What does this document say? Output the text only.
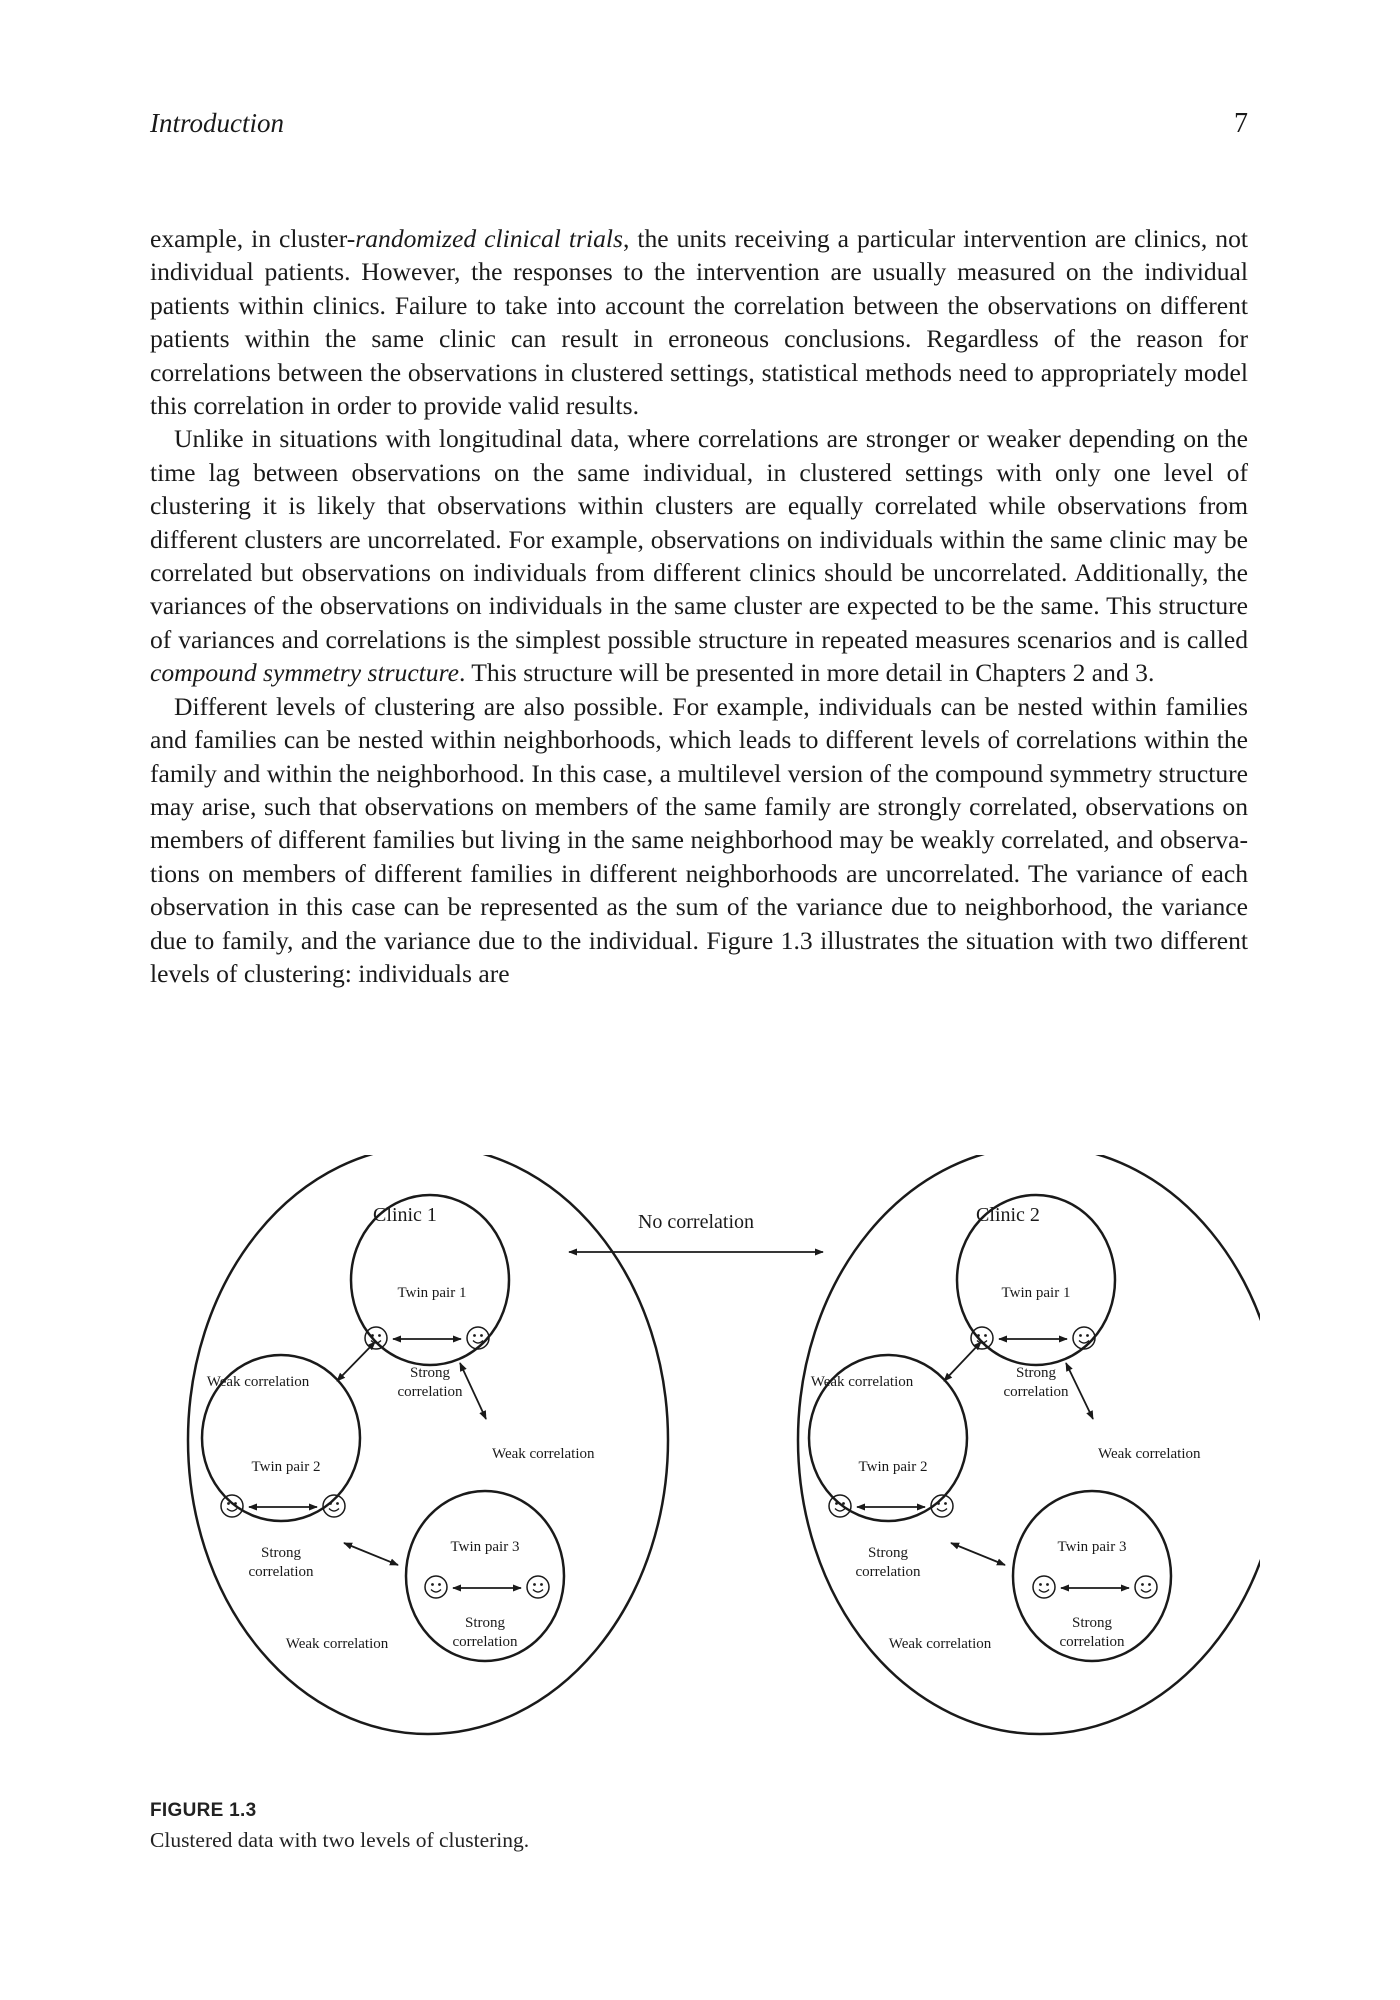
Introduction	7

example, in cluster-randomized clinical trials, the units receiving a particular intervention are clinics, not individual patients. However, the responses to the intervention are usually measured on the individual patients within clinics. Failure to take into account the correlation between the observations on different patients within the same clinic can result in erroneous conclusions. Regardless of the reason for correlations between the observations in clustered settings, statistical methods need to appropriately model this correlation in order to provide valid results.

Unlike in situations with longitudinal data, where correlations are stronger or weaker depending on the time lag between observations on the same individual, in clustered settings with only one level of clustering it is likely that observations within clusters are equally correlated while observations from different clusters are uncorrelated. For example, observations on individuals within the same clinic may be correlated but observations on individuals from different clinics should be uncorrelated. Additionally, the variances of the observations on individuals in the same cluster are expected to be the same. This structure of variances and correlations is the simplest possible structure in repeated measures scenarios and is called compound symmetry structure. This structure will be presented in more detail in Chapters 2 and 3.

Different levels of clustering are also possible. For example, individuals can be nested within families and families can be nested within neighborhoods, which leads to different levels of correlations within the family and within the neighborhood. In this case, a multilevel version of the compound symmetry structure may arise, such that observations on members of the same family are strongly correlated, observations on members of different families but living in the same neighborhood may be weakly correlated, and observations on members of different families in different neighborhoods are uncorrelated. The variance of each observation in this case can be represented as the sum of the variance due to neighborhood, the variance due to family, and the variance due to the individual. Figure 1.3 illustrates the situation with two different levels of clustering: individuals are

Clinic 1
Twin pair 1
Strong
correlation
Twin pair 2
Strong
correlation
Twin pair 3
Strong
correlation
Weak correlation
Weak correlation
Weak correlation
No correlation	Clinic 2
Twin pair 1
Strong
correlation
Twin pair 2
Strong
correlation
Twin pair 3
Strong
correlation
Weak correlation
Weak correlation
Weak correlation
FIGURE 1.3
Clustered data with two levels of clustering.
